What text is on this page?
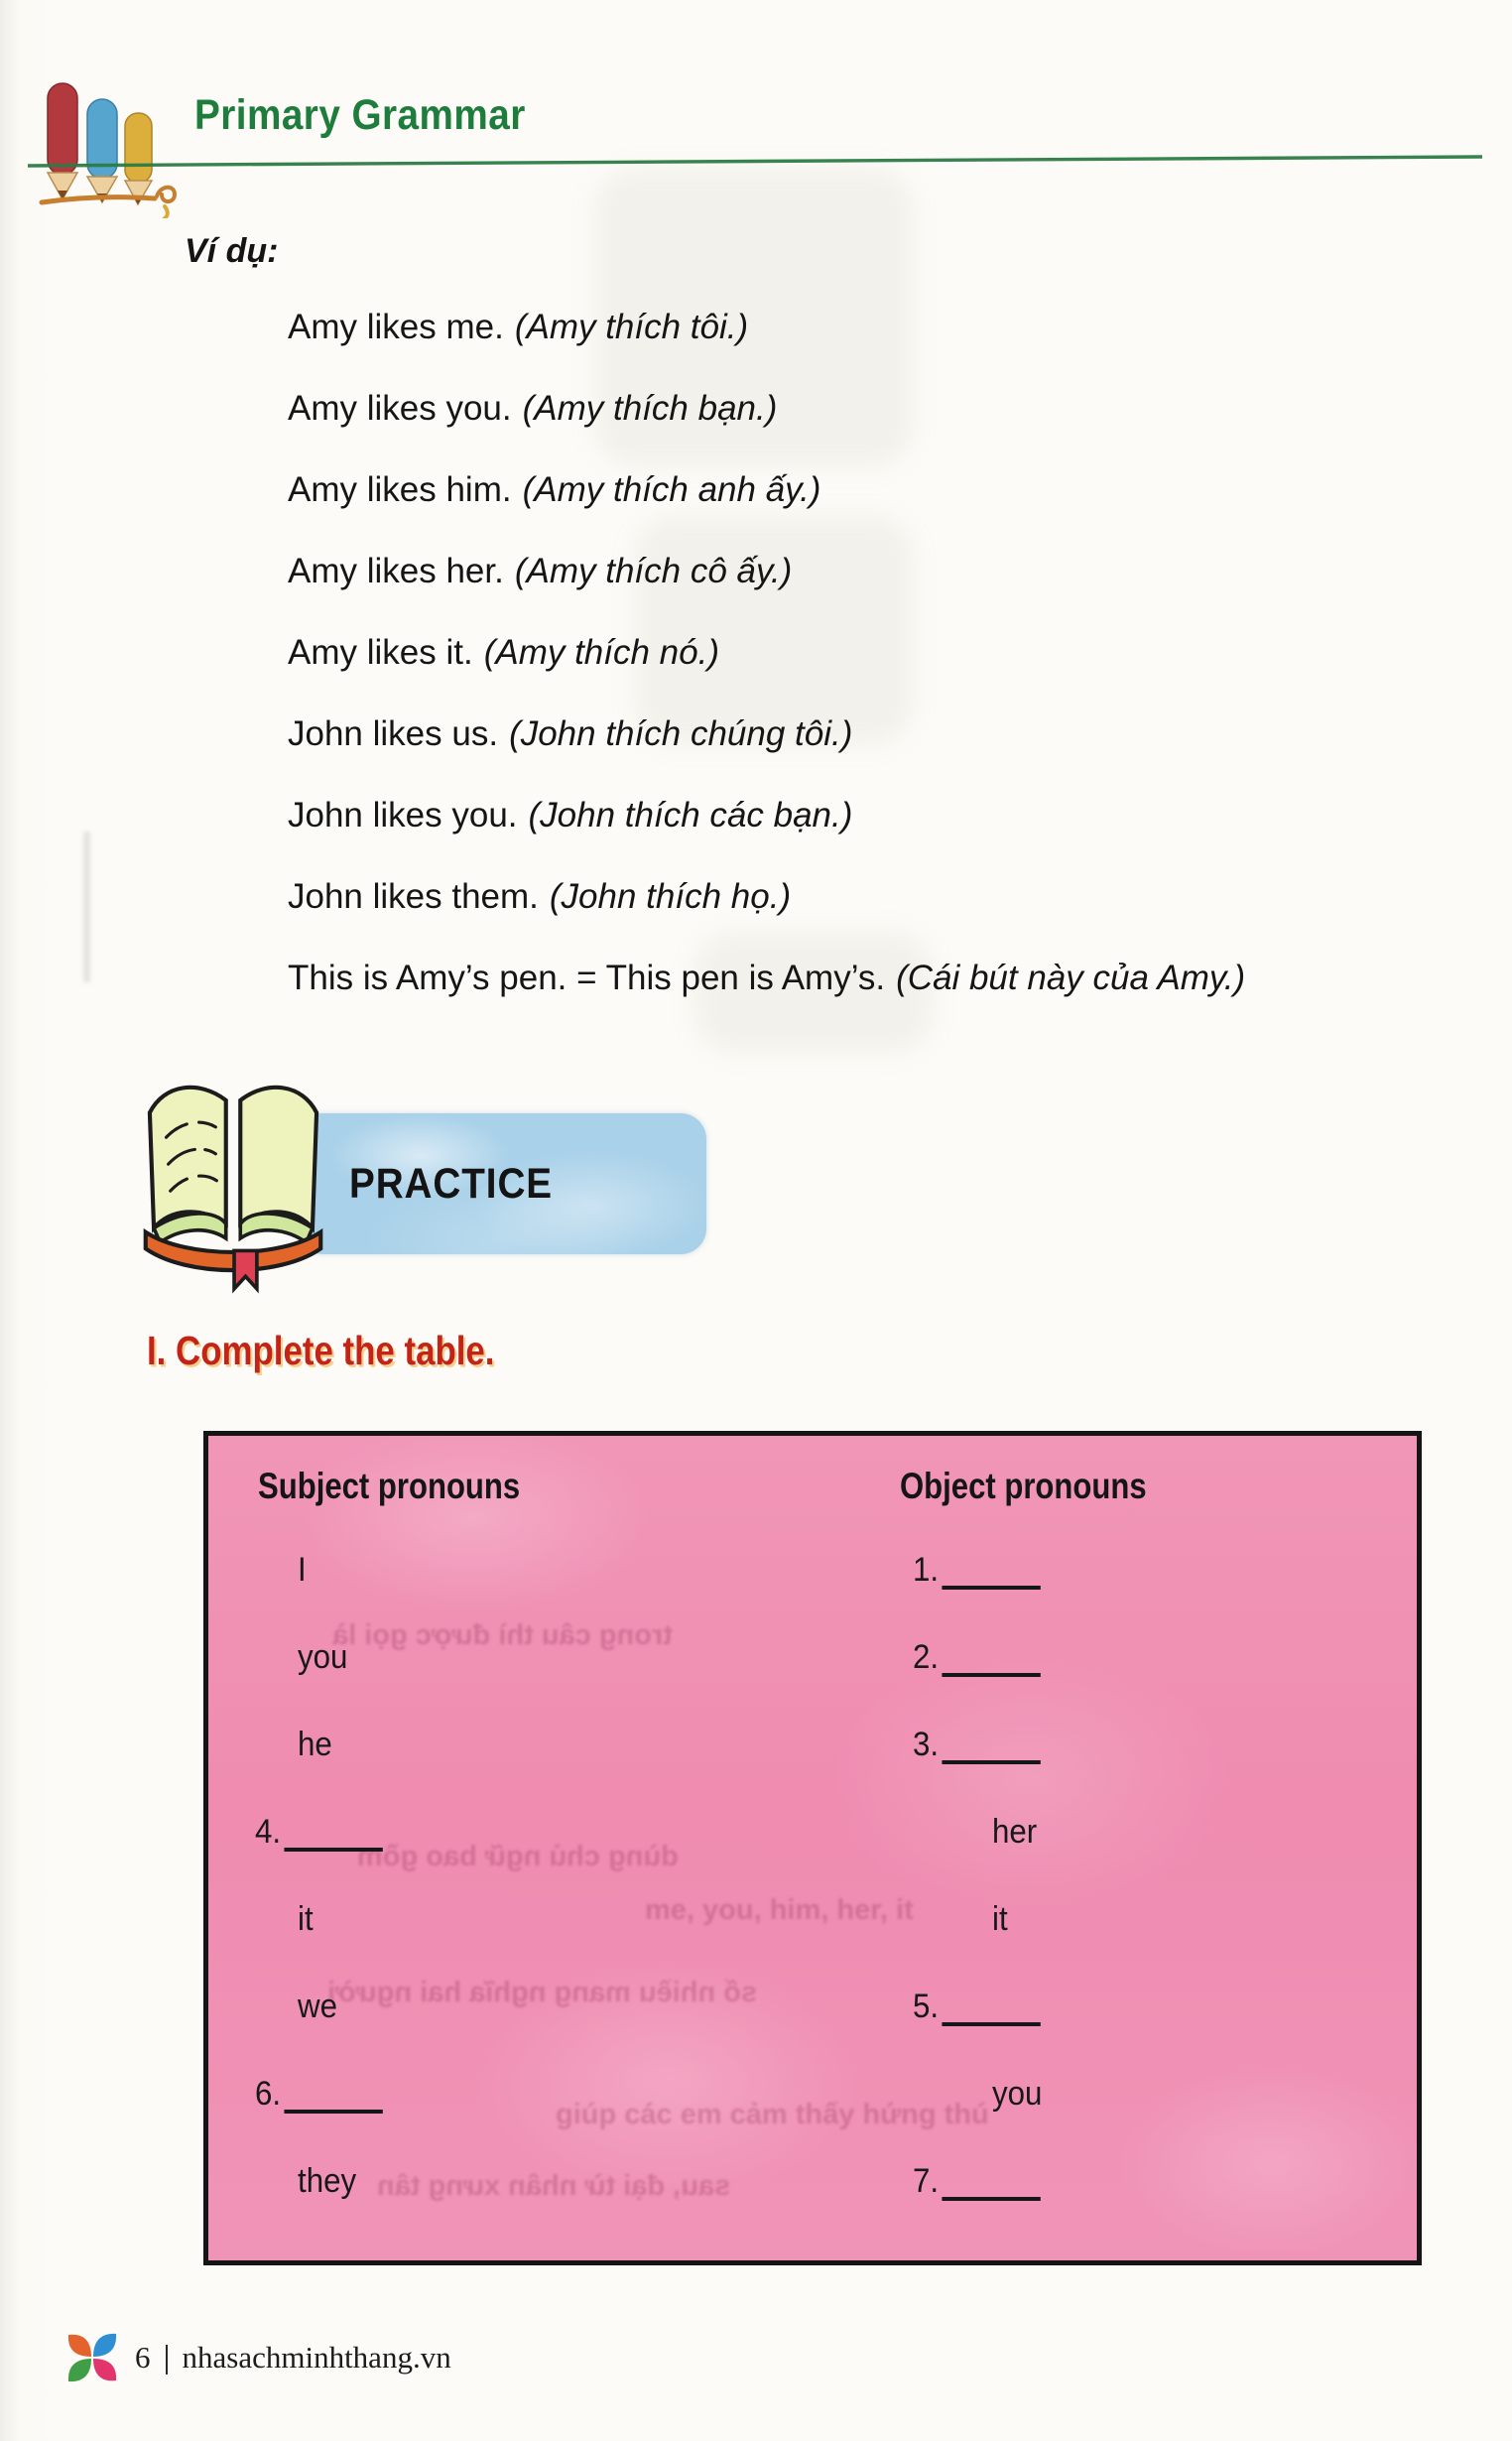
Primary Grammar
Ví dụ:
Amy likes me. (Amy thích tôi.)
Amy likes you. (Amy thích bạn.)
Amy likes him. (Amy thích anh ấy.)
Amy likes her. (Amy thích cô ấy.)
Amy likes it. (Amy thích nó.)
John likes us. (John thích chúng tôi.)
John likes you. (John thích các bạn.)
John likes them. (John thích họ.)
This is Amy’s pen. = This pen is Amy’s. (Cái bút này của Amy.)
PRACTICE
I. Complete the table.
trong câu thì được gọi là
dùng chủ ngữ bao gồm
me, you, him, her, it
số nhiều mang nghĩa hai người
giúp các em cảm thấy hứng thú
sau, đại từ nhân xưng tân
Subject pronouns	Object pronouns
I	1.
you	2.
he	3.
4.	her
it	it
we	5.
6.	you
they	7.
6 nhasachminhthang.vn
